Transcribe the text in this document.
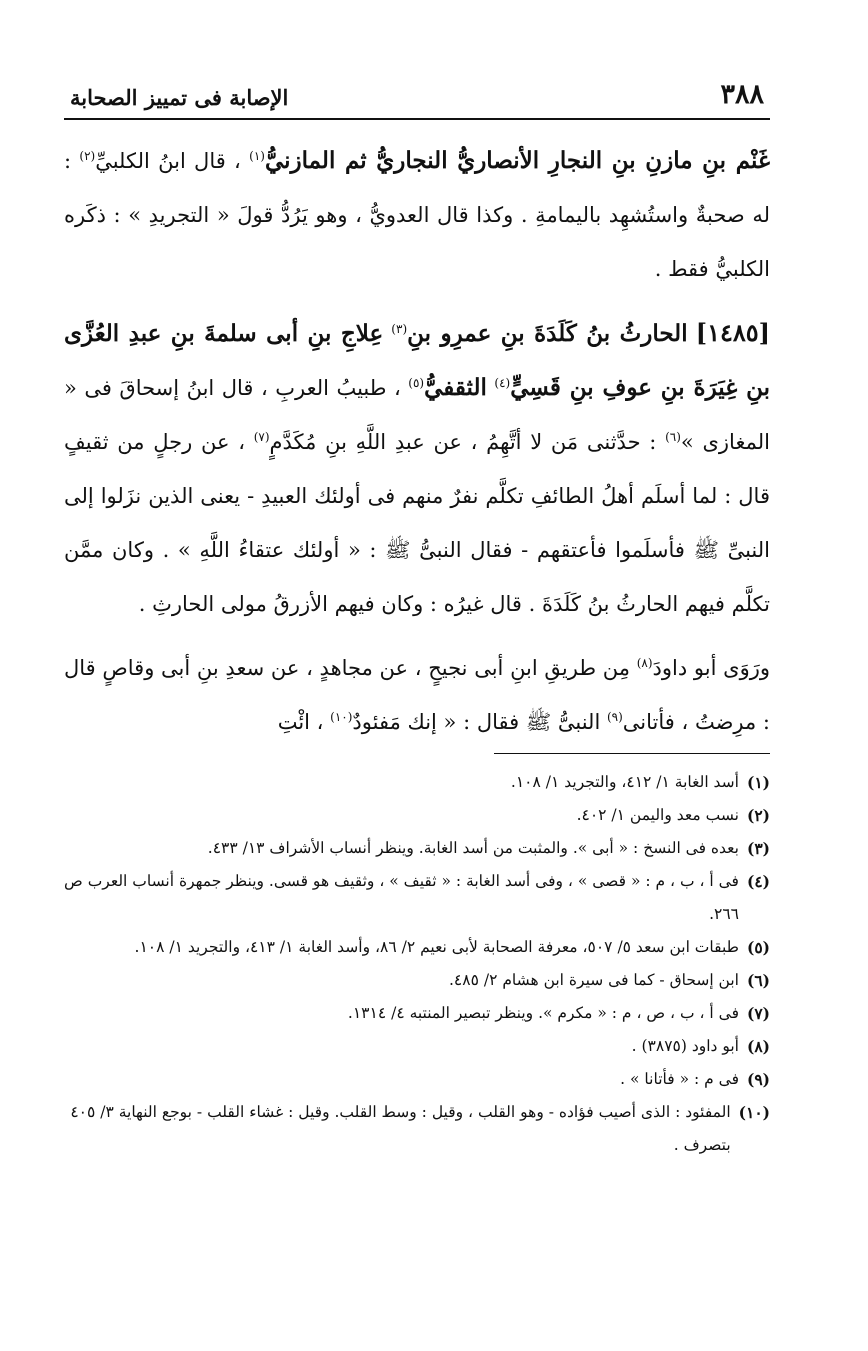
٣٨٨
الإصابة فى تمييز الصحابة

غَنْم بنِ مازنِ بنِ النجارِ الأنصاريُّ النجاريُّ ثم المازنيُّ$^{(١)}$ ، قال ابنُ الكلبيِّ$^{(٢)}$ : له صحبةٌ واستُشهِد باليمامةِ . وكذا قال العدويُّ ، وهو يَرُدُّ قولَ « التجريدِ » : ذكَره الكلبيُّ فقط .

[١٤٨٥] الحارثُ بنُ كَلَدَةَ بنِ عمرِو بنِ$^{(٣)}$ عِلاجِ بنِ أبى سلمةَ بنِ عبدِ العُزَّى بنِ غِيَرَةَ بنِ عوفِ بنِ قَسِيٍّ$^{(٤)}$ الثقفيُّ$^{(٥)}$ ، طبيبُ العربِ ، قال ابنُ إسحاقَ فى « المغازى »$^{(٦)}$ : حدَّثنى مَن لا أتَّهِمُ ، عن عبدِ اللَّهِ بنِ مُكَدَّمٍ$^{(٧)}$ ، عن رجلٍ من ثقيفٍ قال : لما أسلَم أهلُ الطائفِ تكلَّم نفرٌ منهم فى أولئك العبيدِ - يعنى الذين نزَلوا إلى النبىِّ ﷺ فأسلَموا فأعتقهم - فقال النبىُّ ﷺ : « أولئك عتقاءُ اللَّهِ » . وكان ممَّن تكلَّم فيهم الحارثُ بنُ كَلَدَةَ . قال غيرُه : وكان فيهم الأزرقُ مولى الحارثِ .

ورَوَى أبو داودَ$^{(٨)}$ مِن طريقِ ابنِ أبى نجيحٍ ، عن مجاهدٍ ، عن سعدِ بنِ أبى وقاصٍ قال : مرِضتُ ، فأتانى$^{(٩)}$ النبىُّ ﷺ فقال : « إنك مَفئودٌ$^{(١٠)}$ ، ائْتِ

(١)
أسد الغابة ١/ ٤١٢، والتجريد ١/ ١٠٨.
(٢)
نسب معد واليمن ١/ ٤٠٢.
(٣)
بعده فى النسخ : « أبى ». والمثبت من أسد الغابة. وينظر أنساب الأشراف ١٣/ ٤٣٣.
(٤)
فى أ ، ب ، م : « قصى » ، وفى أسد الغابة : « ثقيف » ، وثقيف هو قسى. وينظر جمهرة أنساب العرب ص ٢٦٦.
(٥)
طبقات ابن سعد ٥/ ٥٠٧، معرفة الصحابة لأبى نعيم ٢/ ٨٦، وأسد الغابة ١/ ٤١٣، والتجريد ١/ ١٠٨.
(٦)
ابن إسحاق - كما فى سيرة ابن هشام ٢/ ٤٨٥.
(٧)
فى أ ، ب ، ص ، م : « مكرم ». وينظر تبصير المنتبه ٤/ ١٣١٤.
(٨)
أبو داود (٣٨٧٥) .
(٩)
فى م : « فأتانا » .
(١٠)
المفئود : الذى أصيب فؤاده - وهو القلب ، وقيل : وسط القلب. وقيل : غشاء القلب - بوجع النهاية ٣/ ٤٠٥ بتصرف .
